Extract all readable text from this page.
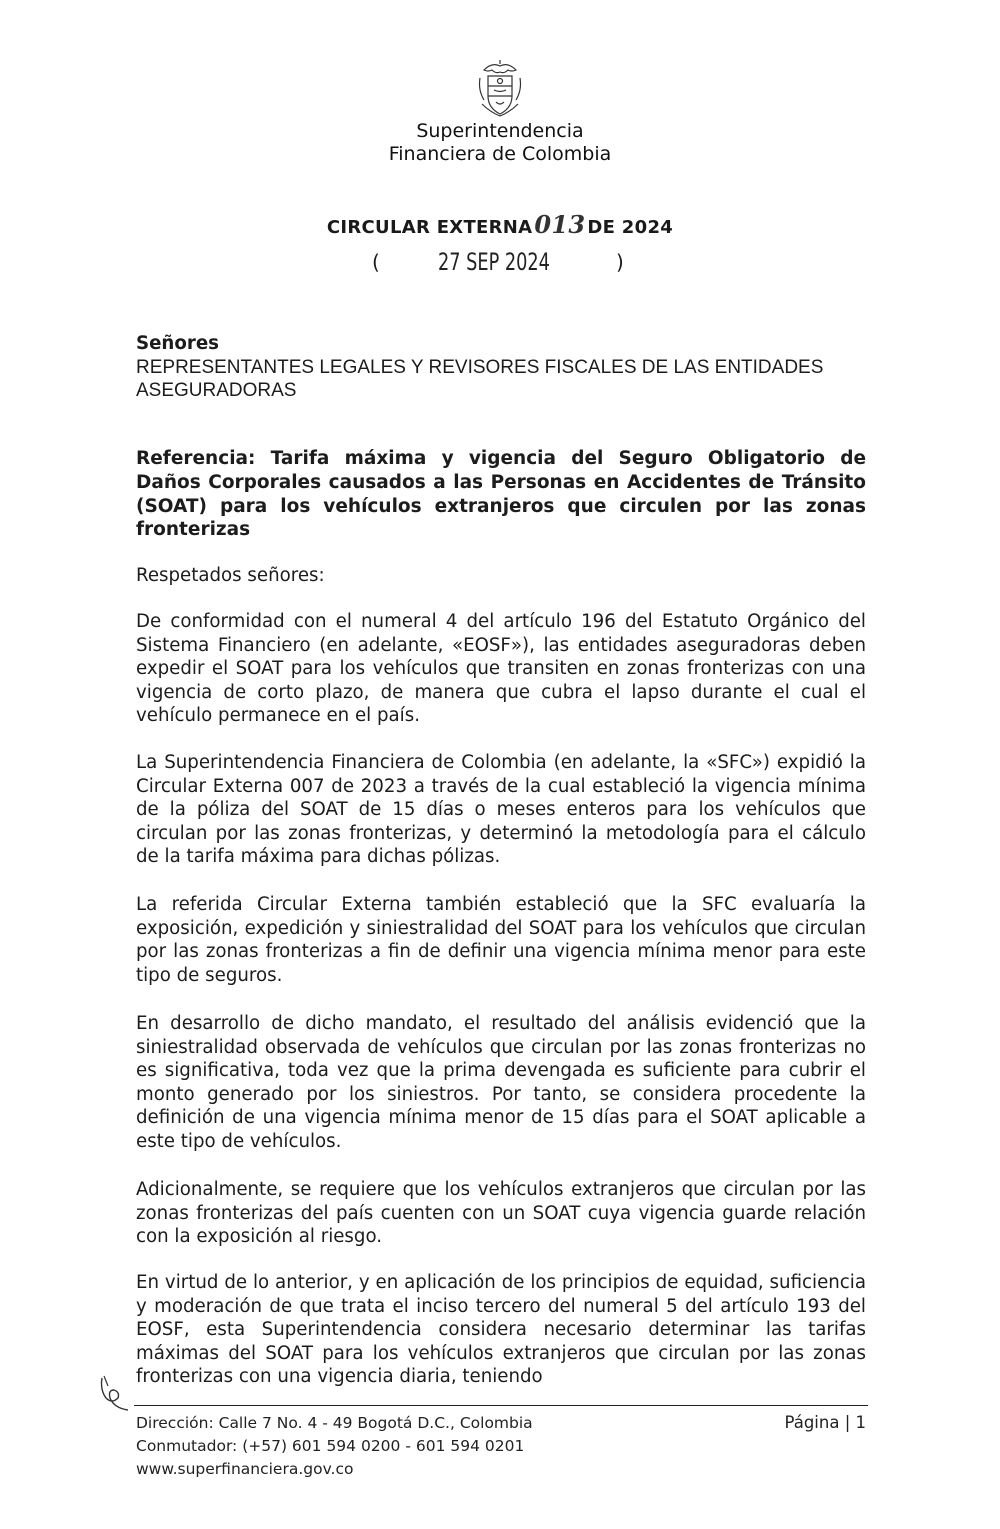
Superintendencia
Financiera de Colombia
CIRCULAR EXTERNA013 DE 2024
( 27 SEP 2024	)
Señores
REPRESENTANTES LEGALES Y REVISORES FISCALES DE LAS ENTIDADES ASEGURADORAS
Referencia: Tarifa máxima y vigencia del Seguro Obligatorio de Daños Corporales causados a las Personas en Accidentes de Tránsito (SOAT) para los vehículos extranjeros que circulen por las zonas fronterizas
Respetados señores:
De conformidad con el numeral 4 del artículo 196 del Estatuto Orgánico del Sistema Financiero (en adelante, «EOSF»), las entidades aseguradoras deben expedir el SOAT para los vehículos que transiten en zonas fronterizas con una vigencia de corto plazo, de manera que cubra el lapso durante el cual el vehículo permanece en el país.
La Superintendencia Financiera de Colombia (en adelante, la «SFC») expidió la Circular Externa 007 de 2023 a través de la cual estableció la vigencia mínima de la póliza del SOAT de 15 días o meses enteros para los vehículos que circulan por las zonas fronterizas, y determinó la metodología para el cálculo de la tarifa máxima para dichas pólizas.
La referida Circular Externa también estableció que la SFC evaluaría la exposición, expedición y siniestralidad del SOAT para los vehículos que circulan por las zonas fronterizas a fin de definir una vigencia mínima menor para este tipo de seguros.
En desarrollo de dicho mandato, el resultado del análisis evidenció que la siniestralidad observada de vehículos que circulan por las zonas fronterizas no es significativa, toda vez que la prima devengada es suficiente para cubrir el monto generado por los siniestros. Por tanto, se considera procedente la definición de una vigencia mínima menor de 15 días para el SOAT aplicable a este tipo de vehículos.
Adicionalmente, se requiere que los vehículos extranjeros que circulan por las zonas fronterizas del país cuenten con un SOAT cuya vigencia guarde relación con la exposición al riesgo.
En virtud de lo anterior, y en aplicación de los principios de equidad, suficiencia y moderación de que trata el inciso tercero del numeral 5 del artículo 193 del EOSF, esta Superintendencia considera necesario determinar las tarifas máximas del SOAT para los vehículos extranjeros que circulan por las zonas fronterizas con una vigencia diaria, teniendo
Dirección: Calle 7 No. 4 - 49 Bogotá D.C., Colombia
Conmutador: (+57) 601 594 0200 - 601 594 0201
www.superfinanciera.gov.co
Página | 1
